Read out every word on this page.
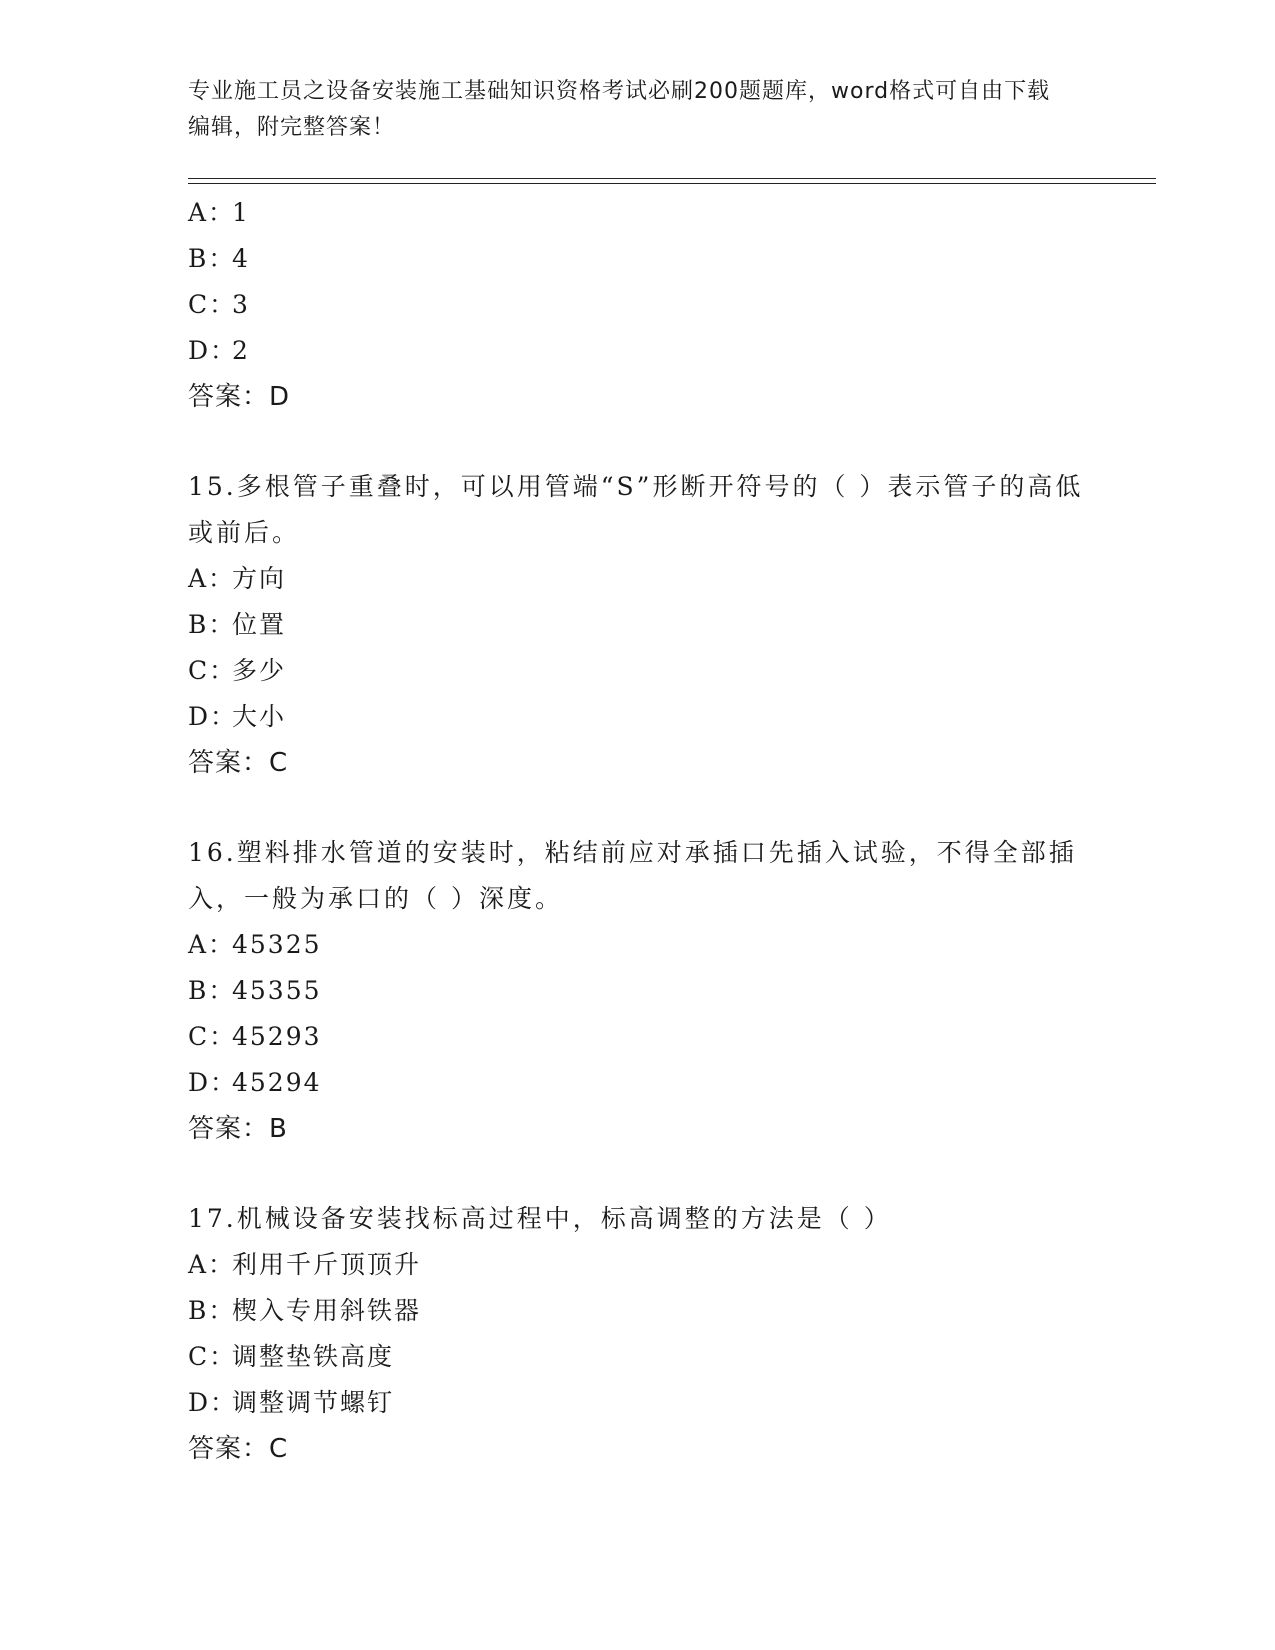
专业施工员之设备安装施工基础知识资格考试必刷200题题库，word格式可自由下载编辑，附完整答案！
A：1
B：4
C：3
D：2
答案：D
15.多根管子重叠时，可以用管端“S”形断开符号的（ ）表示管子的高低或前后。
A：方向
B：位置
C：多少
D：大小
答案：C
16.塑料排水管道的安装时，粘结前应对承插口先插入试验，不得全部插入，一般为承口的（ ）深度。
A：45325
B：45355
C：45293
D：45294
答案：B
17.机械设备安装找标高过程中，标高调整的方法是（ ）
A：利用千斤顶顶升
B：楔入专用斜铁器
C：调整垫铁高度
D：调整调节螺钉
答案：C
